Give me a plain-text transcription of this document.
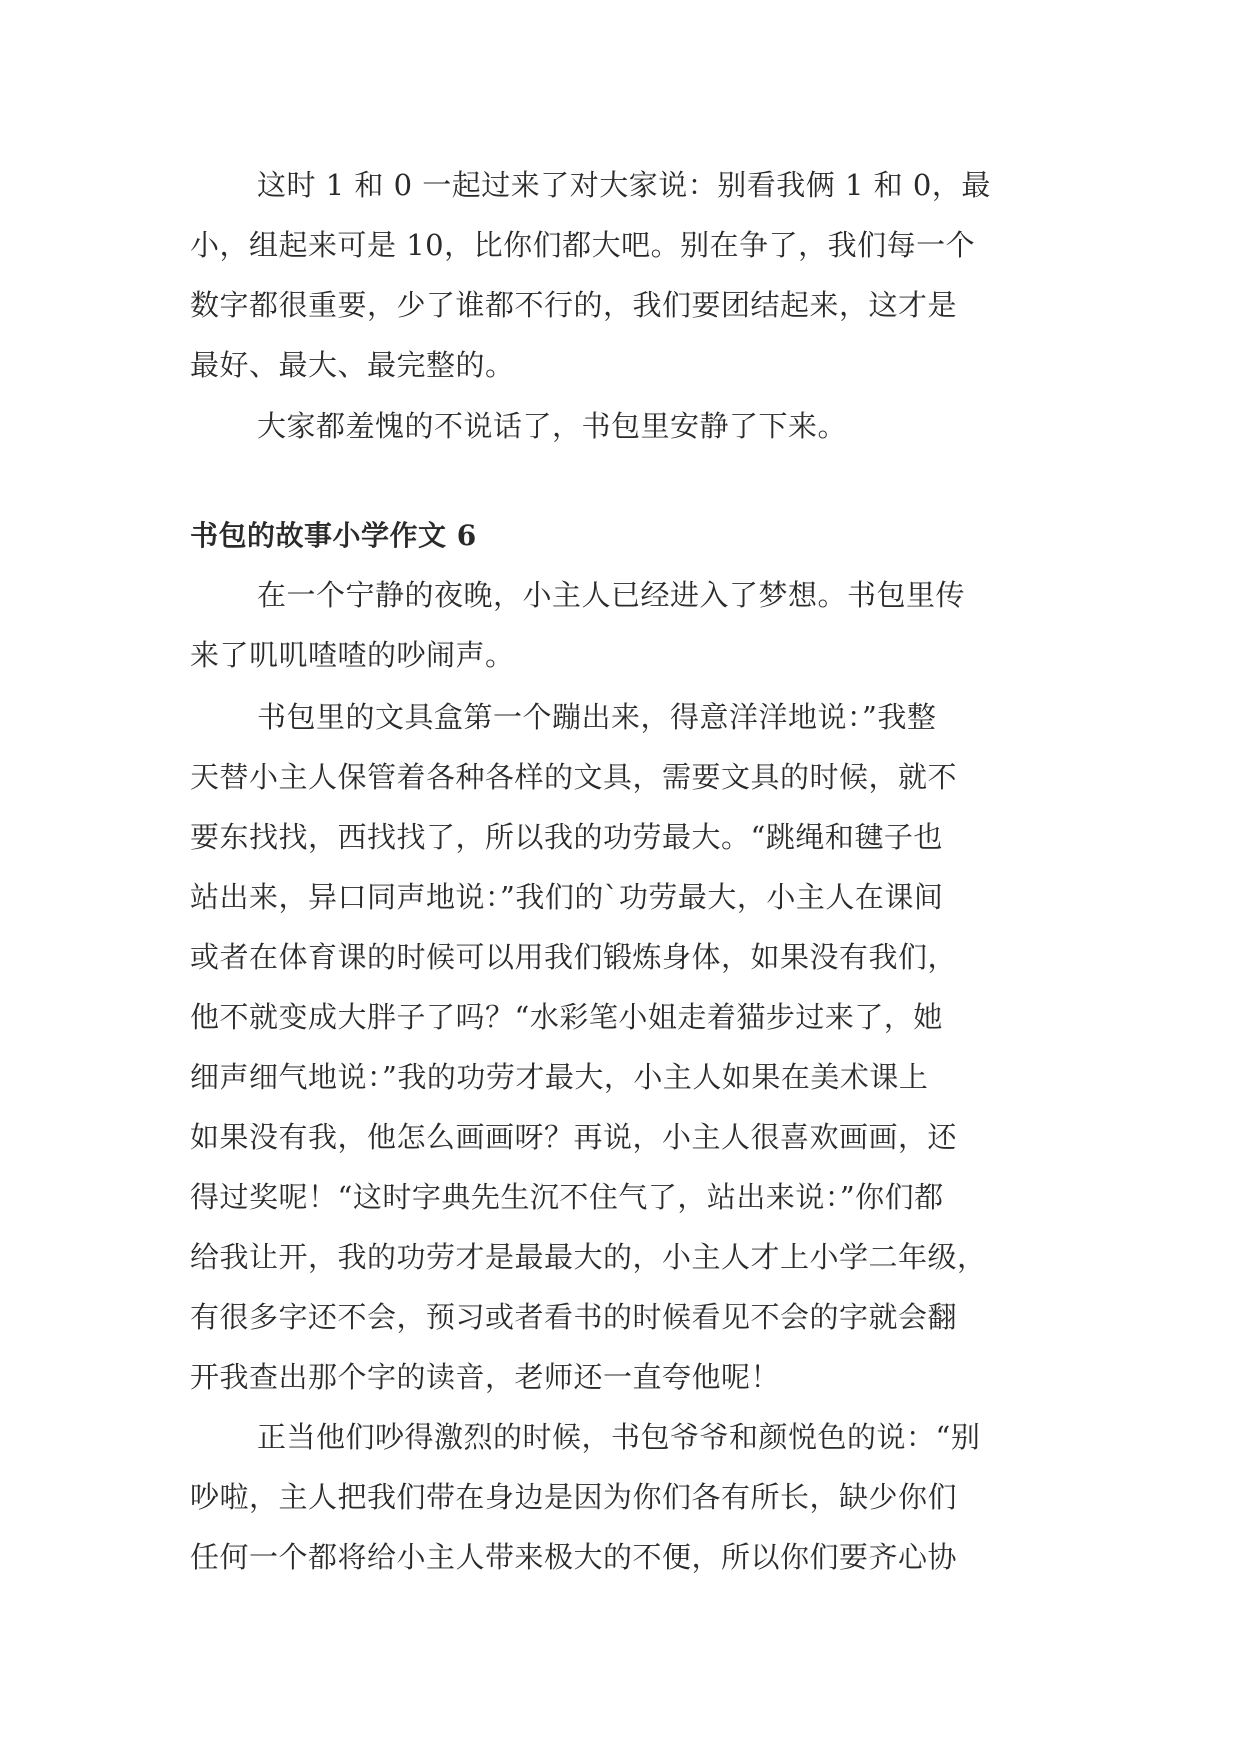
这时 1 和 0 一起过来了对大家说：别看我俩 1 和 0，最

小，组起来可是 10，比你们都大吧。别在争了，我们每一个

数字都很重要，少了谁都不行的，我们要团结起来，这才是

最好、最大、最完整的。

大家都羞愧的不说话了，书包里安静了下来。

书包的故事小学作文 6

在一个宁静的夜晚，小主人已经进入了梦想。书包里传

来了叽叽喳喳的吵闹声。

书包里的文具盒第一个蹦出来，得意洋洋地说：”我整

天替小主人保管着各种各样的文具，需要文具的时候，就不

要东找找，西找找了，所以我的功劳最大。“跳绳和毽子也

站出来，异口同声地说：”我们的`功劳最大，小主人在课间

或者在体育课的时候可以用我们锻炼身体，如果没有我们，

他不就变成大胖子了吗？“水彩笔小姐走着猫步过来了，她

细声细气地说：”我的功劳才最大，小主人如果在美术课上

如果没有我，他怎么画画呀？再说，小主人很喜欢画画，还

得过奖呢！“这时字典先生沉不住气了，站出来说：”你们都

给我让开，我的功劳才是最最大的，小主人才上小学二年级，

有很多字还不会，预习或者看书的时候看见不会的字就会翻

开我查出那个字的读音，老师还一直夸他呢！

正当他们吵得激烈的时候，书包爷爷和颜悦色的说：“别

吵啦，主人把我们带在身边是因为你们各有所长，缺少你们

任何一个都将给小主人带来极大的不便，所以你们要齐心协
